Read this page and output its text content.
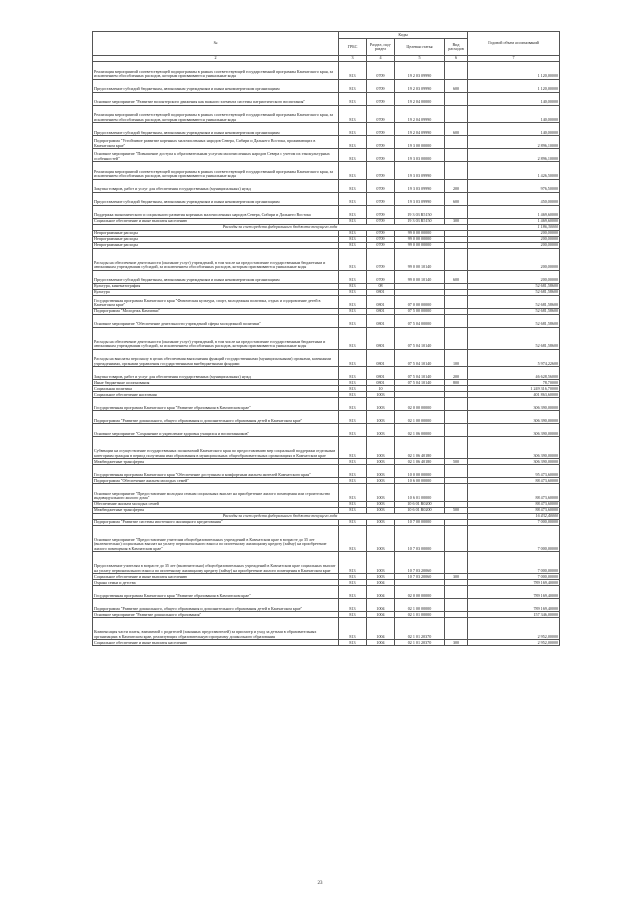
№	Коды				Годовой объем ассигнований
	ГРБС	Раздел, под-раздел	Целевая статья	Вид расходов	
2	3	4	5	6	7
Реализация мероприятий соответствующей подпрограммы в рамках соответствующей государственной программы Камчатского края, за исключением обособленных расходов, которым присваиваются уникальные коды	813	0709	19 2 03 09990		1 120,00000
Предоставление субсидий бюджетным, автономным учреждениям и иным некоммерческим организациям	813	0709	19 2 03 09990	600	1 120,00000
Основное мероприятие "Развитие волонтерского движения как важного элемента системы патриотического воспитания"	813	0709	19 2 04 00000		140,00000
Реализация мероприятий соответствующей подпрограммы в рамках соответствующей государственной программы Камчатского края, за исключением обособленных расходов, которым присваиваются уникальные коды	813	0709	19 2 04 09990		140,00000
Предоставление субсидий бюджетным, автономным учреждениям и иным некоммерческим организациям	813	0709	19 2 04 09990	600	140,00000
Подпрограмма "Устойчивое развитие коренных малочисленных народов Севера, Сибири и Дальнего Востока, проживающих в Камчатском крае"	813	0709	19 3 00 00000		2 896,10000
Основное мероприятие "Повышение доступа к образовательным услугам малочисленных народов Севера с учетом их этнокультурных особенностей"	813	0709	19 3 03 00000		2 896,10000
Реализация мероприятий соответствующей подпрограммы в рамках соответствующей государственной программы Камчатского края, за исключением обособленных расходов, которым присваиваются уникальные коды	813	0709	19 3 03 09990		1 426,50000
Закупка товаров, работ и услуг для обеспечения государственных (муниципальных) нужд	813	0709	19 3 03 09990	200	976,50000
Предоставление субсидий бюджетным, автономным учреждениям и иным некоммерческим организациям	813	0709	19 3 03 09990	600	450,00000
Поддержка экономического и социального развития коренных малочисленных народов Севера, Сибири и Дальнего Востока	813	0709	19 3 03 R5150		1 469,60000
Социальное обеспечение и иные выплаты населению	813	0709	19 3 03 R5150	300	1 469,60000
Расходы за счет средств федерального бюджета текущего года					1 186,30000
Непрограммные расходы	813	0709	99 0 00 00000		200,00000
Непрограммные расходы	813	0709	99 0 00 00000		200,00000
Непрограммные расходы	813	0709	99 0 00 00000		200,00000
Расходы на обеспечение деятельности (оказание услуг) учреждений, в том числе на предоставление государственным бюджетным и автономным учреждениям субсидий, за исключением обособленных расходов, которым присваиваются уникальные коды	813	0709	99 0 00 10140		200,00000
Предоставление субсидий бюджетным, автономным учреждениям и иным некоммерческим организациям	813	0709	99 0 00 10140	600	200,00000
Культура, кинематография	813	08			52 681,58600
Культура	813	0801			52 681,58600
Государственная программа Камчатского края "Физическая культура, спорт, молодежная политика, отдых и оздоровление детей в Камчатском крае"	813	0801	07 0 00 00000		52 681,58600
Подпрограмма "Молодежь Камчатки"	813	0801	07 5 00 00000		52 681,58600
Основное мероприятие "Обеспечение деятельности учреждений сферы молодежной политики"	813	0801	07 5 04 00000		52 681,58600
Расходы на обеспечение деятельности (оказание услуг) учреждений, в том числе на предоставление государственным бюджетным и автономным учреждениям субсидий, за исключением обособленных расходов, которым присваиваются уникальные коды	813	0801	07 5 04 10140		52 681,58600
Расходы на выплаты персоналу в целях обеспечения выполнения функций государственными (муниципальными) органами, казенными учреждениями, органами управления государственными внебюджетными фондами	813	0801	07 5 04 10140	100	5 974,22600
Закупка товаров, работ и услуг для обеспечения государственных (муниципальных) нужд	813	0801	07 5 04 10140	200	46 628,56000
Иные бюджетные ассигнования	813	0801	07 5 04 10140	800	78,70000
Социальная политика	813	10			1 249 316,70000
Социальное обеспечение населения	813	1003			401 863,60000
Государственная программа Камчатского края "Развитие образования в Камчатском крае"	813	1003	02 0 00 00000		306 390,00000
Подпрограмма "Развитие дошкольного, общего образования и дополнительного образования детей в Камчатском крае"	813	1003	02 1 00 00000		306 390,00000
Основное мероприятие "Сохранение и укрепление здоровья учащихся и воспитанников"	813	1003	02 1 06 00000		306 390,00000
Субвенции на осуществление государственных полномочий Камчатского края по предоставлению мер социальной поддержки отдельным категориям граждан в период получения ими образования в муниципальных общеобразовательных организациях в Камчатском крае	813	1003	02 1 06 40180		306 390,00000
Межбюджетные трансферты	813	1003	02 1 06 40180	500	306 390,00000
Государственная программа Камчатского края "Обеспечение доступным и комфортным жильем жителей Камчатского края"	813	1003	10 0 00 00000		95 473,60000
Подпрограмма "Обеспечение жильем молодых семей"	813	1003	10 6 00 00000		88 473,60000
Основное мероприятие "Предоставление молодым семьям социальных выплат на приобретение жилого помещения или строительство индивидуального жилого дома"	813	1003	10 6 01 00000		88 473,60000
Обеспечение жильем молодых семей	813	1003	10 6 01 R0200		88 473,60000
Межбюджетные трансферты	813	1003	10 6 01 R0200	500	88 473,60000
Расходы за счет средств федерального бюджета текущего года					16 432,40000
Подпрограмма "Развитие системы ипотечного жилищного кредитования"	813	1003	10 7 00 00000		7 000,00000
Основное мероприятие "Предоставление учителям общеобразовательных учреждений в Камчатском крае в возрасте до 35 лет (включительно) социальных выплат на уплату первоначального взноса по ипотечному жилищному кредиту (займу) на приобретение жилого помещения в Камчатском крае"	813	1003	10 7 03 00000		7 000,00000
Предоставление учителям в возрасте до 35 лет (включительно) общеобразовательных учреждений в Камчатском крае социальных выплат на уплату первоначального взноса по ипотечному жилищному кредиту (займу) на приобретение жилого помещения в Камчатском крае	813	1003	10 7 03 20060		7 000,00000
Социальное обеспечение и иные выплаты населению	813	1003	10 7 03 20060	300	7 000,00000
Охрана семьи и детства	813	1004			789 169,40000
Государственная программа Камчатского края "Развитие образования в Камчатском крае"	813	1004	02 0 00 00000		789 169,40000
Подпрограмма "Развитие дошкольного, общего образования и дополнительного образования детей в Камчатском крае"	813	1004	02 1 00 00000		789 169,40000
Основное мероприятие "Развитие дошкольного образования"	813	1004	02 1 01 00000		157 346,00000
Компенсация части платы, взимаемой с родителей (законных представителей) за присмотр и уход за детьми в образовательных организациях в Камчатском крае, реализующих образовательную программу дошкольного образования	813	1004	02 1 01 20370		2 952,00000
Социальное обеспечение и иные выплаты населению	813	1004	02 1 01 20370	300	2 952,00000
23
